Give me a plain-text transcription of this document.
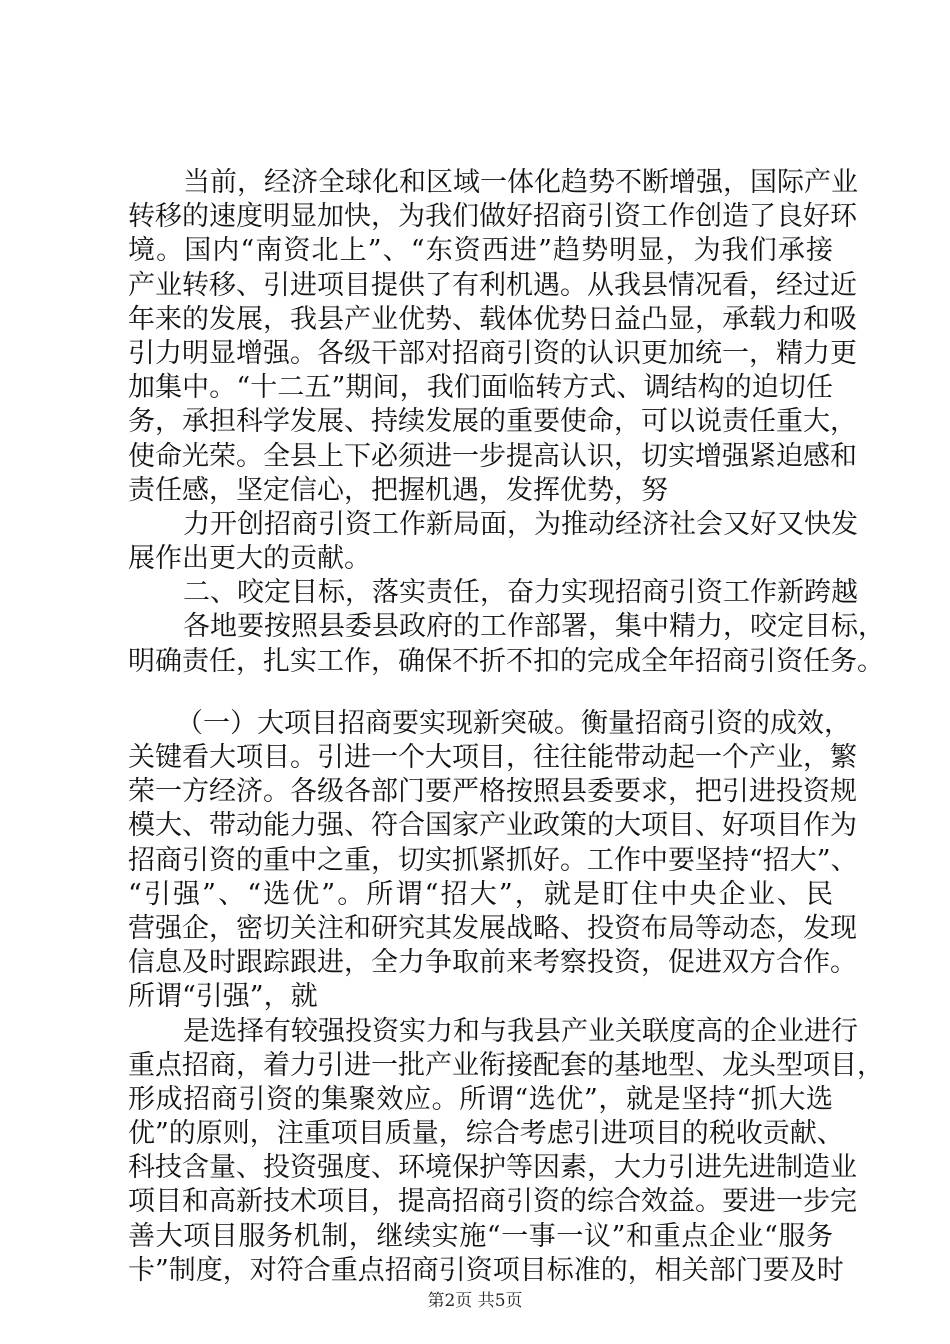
当前，经济全球化和区域一体化趋势不断增强，国际产业
转移的速度明显加快，为我们做好招商引资工作创造了良好环
境。国内“南资北上”、“东资西进”趋势明显，为我们承接
产业转移、引进项目提供了有利机遇。从我县情况看，经过近
年来的发展，我县产业优势、载体优势日益凸显，承载力和吸
引力明显增强。各级干部对招商引资的认识更加统一，精力更
加集中。“十二五”期间，我们面临转方式、调结构的迫切任
务，承担科学发展、持续发展的重要使命，可以说责任重大，
使命光荣。全县上下必须进一步提高认识，切实增强紧迫感和
责任感，坚定信心，把握机遇，发挥优势，努
力开创招商引资工作新局面，为推动经济社会又好又快发
展作出更大的贡献。
二、咬定目标，落实责任，奋力实现招商引资工作新跨越
各地要按照县委县政府的工作部署，集中精力，咬定目标，
明确责任，扎实工作，确保不折不扣的完成全年招商引资任务。
（一）大项目招商要实现新突破。衡量招商引资的成效，
关键看大项目。引进一个大项目，往往能带动起一个产业，繁
荣一方经济。各级各部门要严格按照县委要求，把引进投资规
模大、带动能力强、符合国家产业政策的大项目、好项目作为
招商引资的重中之重，切实抓紧抓好。工作中要坚持“招大”、
“引强”、“选优”。所谓“招大”，就是盯住中央企业、民
营强企，密切关注和研究其发展战略、投资布局等动态，发现
信息及时跟踪跟进，全力争取前来考察投资，促进双方合作。
所谓“引强”，就
是选择有较强投资实力和与我县产业关联度高的企业进行
重点招商，着力引进一批产业衔接配套的基地型、龙头型项目，
形成招商引资的集聚效应。所谓“选优”，就是坚持“抓大选
优”的原则，注重项目质量，综合考虑引进项目的税收贡献、
科技含量、投资强度、环境保护等因素，大力引进先进制造业
项目和高新技术项目，提高招商引资的综合效益。要进一步完
善大项目服务机制，继续实施“一事一议”和重点企业“服务
卡”制度，对符合重点招商引资项目标准的，相关部门要及时
第2页 共5页
